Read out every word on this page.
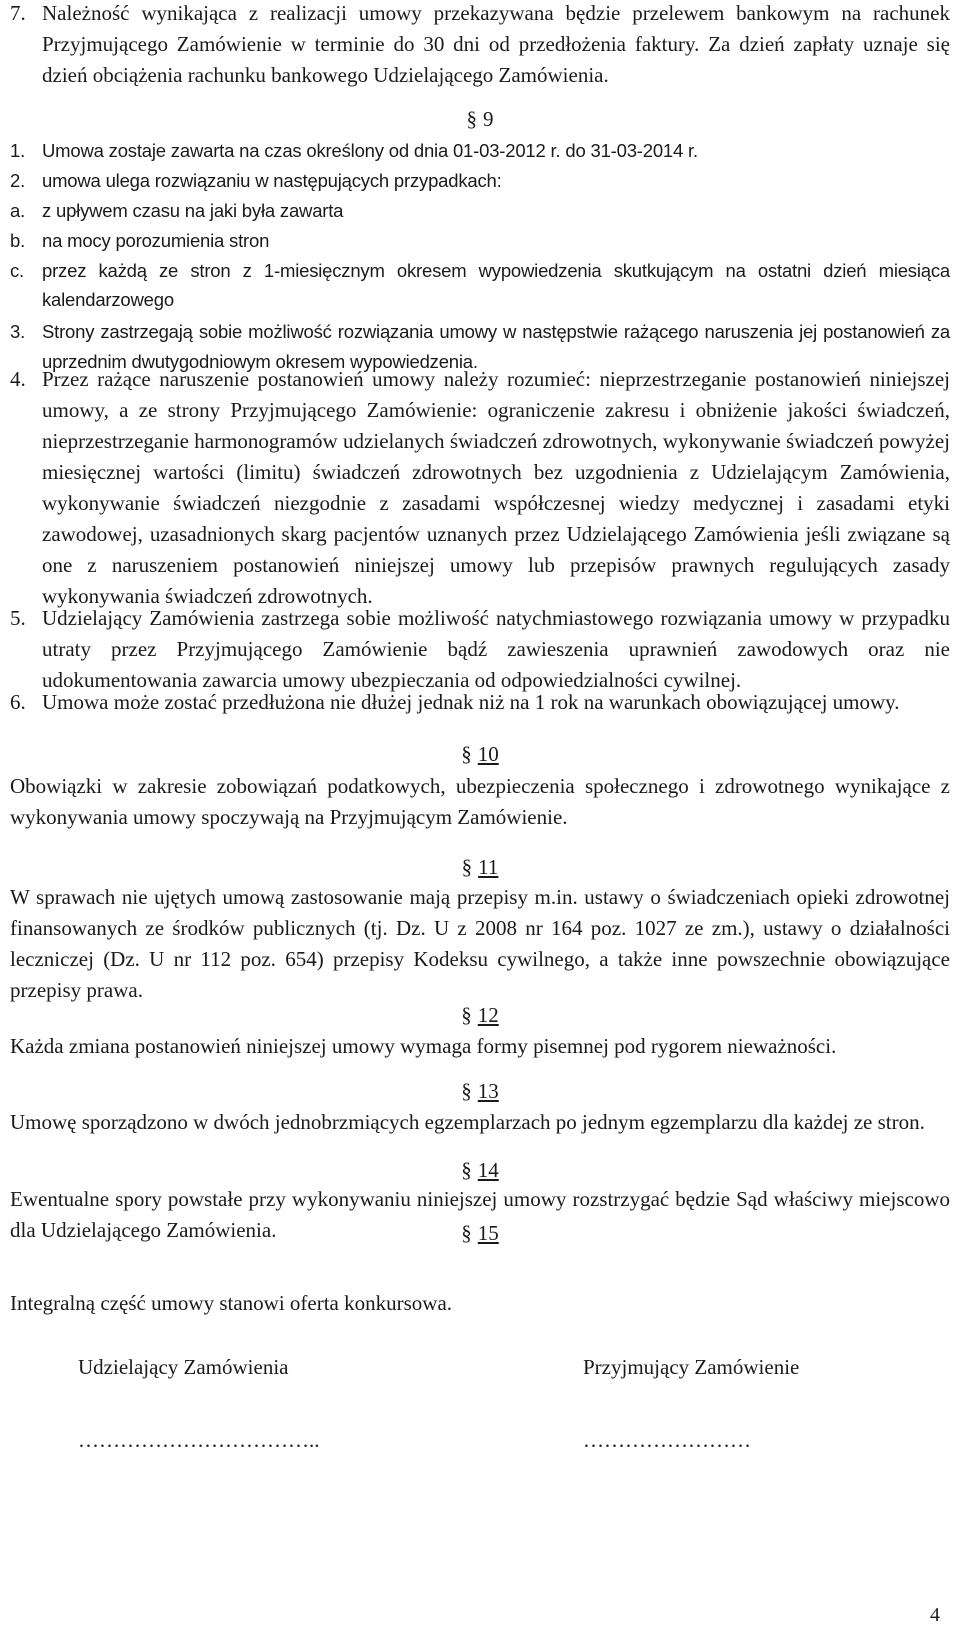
7. Należność wynikająca z realizacji umowy przekazywana będzie przelewem bankowym na rachunek Przyjmującego Zamówienie w terminie do 30 dni od przedłożenia faktury. Za dzień zapłaty uznaje się dzień obciążenia rachunku bankowego Udzielającego Zamówienia.
§ 9
1. Umowa zostaje zawarta na czas określony od dnia 01-03-2012 r. do 31-03-2014 r.
2. umowa ulega rozwiązaniu w następujących przypadkach:
a. z upływem czasu na jaki była zawarta
b. na mocy porozumienia stron
c. przez każdą ze stron z 1-miesięcznym okresem wypowiedzenia skutkującym na ostatni dzień miesiąca kalendarzowego
3. Strony zastrzegają sobie możliwość rozwiązania umowy w następstwie rażącego naruszenia jej postanowień za uprzednim dwutygodniowym okresem wypowiedzenia.
4. Przez rażące naruszenie postanowień umowy należy rozumieć: nieprzestrzeganie postanowień niniejszej umowy, a ze strony Przyjmującego Zamówienie: ograniczenie zakresu i obniżenie jakości świadczeń, nieprzestrzeganie harmonogramów udzielanych świadczeń zdrowotnych, wykonywanie świadczeń powyżej miesięcznej wartości (limitu) świadczeń zdrowotnych bez uzgodnienia z Udzielającym Zamówienia, wykonywanie świadczeń niezgodnie z zasadami współczesnej wiedzy medycznej i zasadami etyki zawodowej, uzasadnionych skarg pacjentów uznanych przez Udzielającego Zamówienia jeśli związane są one z naruszeniem postanowień niniejszej umowy lub przepisów prawnych regulujących zasady wykonywania świadczeń zdrowotnych.
5. Udzielający Zamówienia zastrzega sobie możliwość natychmiastowego rozwiązania umowy w przypadku utraty przez Przyjmującego Zamówienie bądź zawieszenia uprawnień zawodowych oraz nie udokumentowania zawarcia umowy ubezpieczania od odpowiedzialności cywilnej.
6. Umowa może zostać przedłużona nie dłużej jednak niż na 1 rok na warunkach obowiązującej umowy.
§ 10
Obowiązki w zakresie zobowiązań podatkowych, ubezpieczenia społecznego i zdrowotnego wynikające z wykonywania umowy spoczywają na Przyjmującym Zamówienie.
§ 11
W sprawach nie ujętych umową zastosowanie mają przepisy m.in. ustawy o świadczeniach opieki zdrowotnej finansowanych ze środków publicznych (tj. Dz. U z 2008 nr 164 poz. 1027 ze zm.), ustawy o działalności leczniczej (Dz. U nr 112 poz. 654) przepisy Kodeksu cywilnego, a także inne powszechnie obowiązujące przepisy prawa.
§ 12
Każda zmiana postanowień niniejszej umowy wymaga formy pisemnej pod rygorem nieważności.
§ 13
Umowę sporządzono w dwóch jednobrzmiących egzemplarzach po jednym egzemplarzu dla każdej ze stron.
§ 14
Ewentualne spory powstałe przy wykonywaniu niniejszej umowy rozstrzygać będzie Sąd właściwy miejscowo dla Udzielającego Zamówienia.	§ 15
Integralną część umowy stanowi oferta konkursowa.
Udzielający Zamówienia	Przyjmujący Zamówienie
……………………………..	……………………
4
